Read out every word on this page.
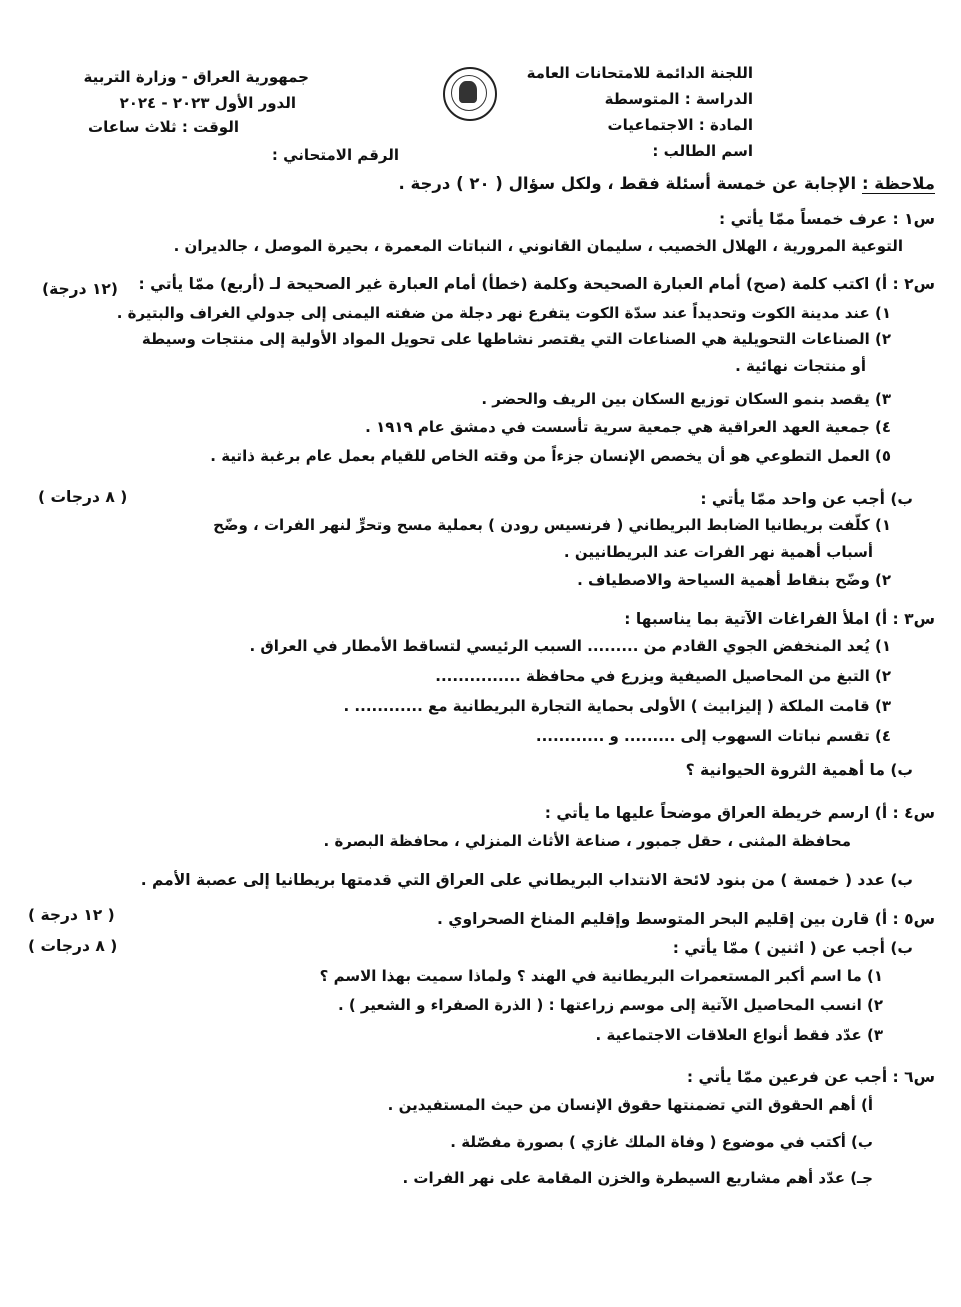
اللجنة الدائمة للامتحانات العامة
الدراسة : المتوسطة
المادة : الاجتماعيات
اسم الطالب :
جمهورية العراق - وزارة التربية
الدور الأول ٢٠٢٣ - ٢٠٢٤
الوقت : ثلاث ساعات
الرقم الامتحاني :
ملاحظة : الإجابة عن خمسة أسئلة فقط ، ولكل سؤال ( ٢٠ ) درجة .
س١ : عرف خمساً ممّا يأتي :
التوعية المرورية ، الهلال الخصيب ، سليمان القانوني ، النباتات المعمرة ، بحيرة الموصل ، جالديران .
س٢ : أ) اكتب كلمة (صح) أمام العبارة الصحيحة وكلمة (خطأ) أمام العبارة غير الصحيحة لـ (أربع) ممّا يأتي :
(١٢ درجة)
١) عند مدينة الكوت وتحديداً عند سدّة الكوت يتفرع نهر دجلة من ضفته اليمنى إلى جدولي الغراف والبتيرة .
٢) الصناعات التحويلية هي الصناعات التي يقتصر نشاطها على تحويل المواد الأولية إلى منتجات وسيطة
أو منتجات نهائية .
٣) يقصد بنمو السكان توزيع السكان بين الريف والحضر .
٤) جمعية العهد العراقية هي جمعية سرية تأسست في دمشق عام ١٩١٩ .
٥) العمل التطوعي هو أن يخصص الإنسان جزءاً من وقته الخاص للقيام بعمل عام برغبة ذاتية .
ب) أجب عن واحد ممّا يأتي :
( ٨ درجات )
١) كلّفت بريطانيا الضابط البريطاني ( فرنسيس رودن ) بعملية مسح وتحرٍّ لنهر الفرات ، وضّح
أسباب أهمية نهر الفرات عند البريطانيين .
٢) وضّح بنقاط أهمية السياحة والاصطياف .
س٣ : أ) املأ الفراغات الآتية بما يناسبها :
١) يُعد المنخفض الجوي القادم من ......... السبب الرئيسي لتساقط الأمطار في العراق .
٢) التبغ من المحاصيل الصيفية ويزرع في محافظة ...............
٣) قامت الملكة ( إليزابيث ) الأولى بحماية التجارة البريطانية مع ............ .
٤) تقسم نباتات السهوب إلى ......... و ............
ب) ما أهمية الثروة الحيوانية ؟
س٤ : أ) ارسم خريطة العراق موضحاً عليها ما يأتي :
محافظة المثنى ، حقل جمبور ، صناعة الأثاث المنزلي ، محافظة البصرة .
ب) عدد ( خمسة ) من بنود لائحة الانتداب البريطاني على العراق التي قدمتها بريطانيا إلى عصبة الأمم .
س٥ : أ) قارن بين إقليم البحر المتوسط وإقليم المناخ الصحراوي .
( ١٢ درجة )
ب) أجب عن ( اثنين ) ممّا يأتي :
( ٨ درجات )
١) ما اسم أكبر المستعمرات البريطانية في الهند ؟ ولماذا سميت بهذا الاسم ؟
٢) انسب المحاصيل الآتية إلى موسم زراعتها : ( الذرة الصفراء و الشعير ) .
٣) عدّد فقط أنواع العلاقات الاجتماعية .
س٦ : أجب عن فرعين ممّا يأتي :
أ) أهم الحقوق التي تضمنتها حقوق الإنسان من حيث المستفيدين .
ب) أكتب في موضوع ( وفاة الملك غازي ) بصورة مفصّلة .
جـ) عدّد أهم مشاريع السيطرة والخزن المقامة على نهر الفرات .
